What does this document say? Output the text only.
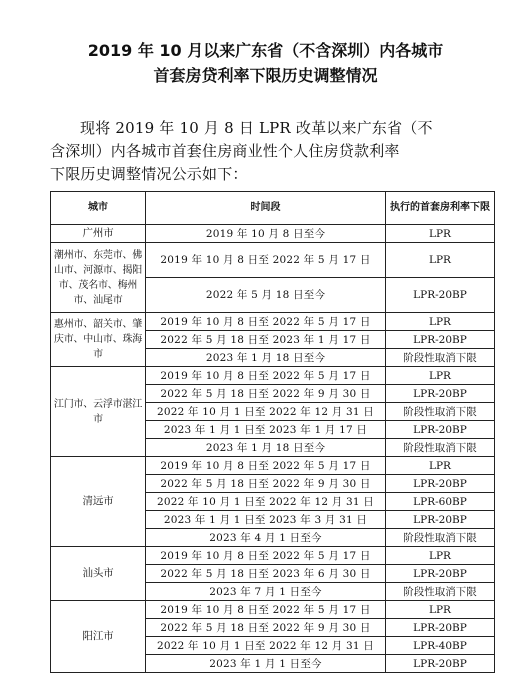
2019 年 10 月以来广东省（不含深圳）内各城市
首套房贷利率下限历史调整情况
现将 2019 年 10 月 8 日 LPR 改革以来广东省（不
含深圳）内各城市首套住房商业性个人住房贷款利率
下限历史调整情况公示如下：
城市	时间段	执行的首套房利率下限
广州市	2019 年 10 月 8 日至今	LPR
潮州市、东莞市、佛山市、河源市、揭阳市、茂名市、梅州市、汕尾市	2019 年 10 月 8 日至 2022 年 5 月 17 日	LPR
	2022 年 5 月 18 日至今	LPR-20BP
惠州市、韶关市、肇庆市、中山市、珠海市	2019 年 10 月 8 日至 2022 年 5 月 17 日	LPR
	2022 年 5 月 18 日至 2023 年 1 月 17 日	LPR-20BP
	2023 年 1 月 18 日至今	阶段性取消下限
江门市、云浮市湛江市	2019 年 10 月 8 日至 2022 年 5 月 17 日	LPR
	2022 年 5 月 18 日至 2022 年 9 月 30 日	LPR-20BP
	2022 年 10 月 1 日至 2022 年 12 月 31 日	阶段性取消下限
	2023 年 1 月 1 日至 2023 年 1 月 17 日	LPR-20BP
	2023 年 1 月 18 日至今	阶段性取消下限
清远市	2019 年 10 月 8 日至 2022 年 5 月 17 日	LPR
	2022 年 5 月 18 日至 2022 年 9 月 30 日	LPR-20BP
	2022 年 10 月 1 日至 2022 年 12 月 31 日	LPR-60BP
	2023 年 1 月 1 日至 2023 年 3 月 31 日	LPR-20BP
	2023 年 4 月 1 日至今	阶段性取消下限
汕头市	2019 年 10 月 8 日至 2022 年 5 月 17 日	LPR
	2022 年 5 月 18 日至 2023 年 6 月 30 日	LPR-20BP
	2023 年 7 月 1 日至今	阶段性取消下限
阳江市	2019 年 10 月 8 日至 2022 年 5 月 17 日	LPR
	2022 年 5 月 18 日至 2022 年 9 月 30 日	LPR-20BP
	2022 年 10 月 1 日至 2022 年 12 月 31 日	LPR-40BP
	2023 年 1 月 1 日至今	LPR-20BP
